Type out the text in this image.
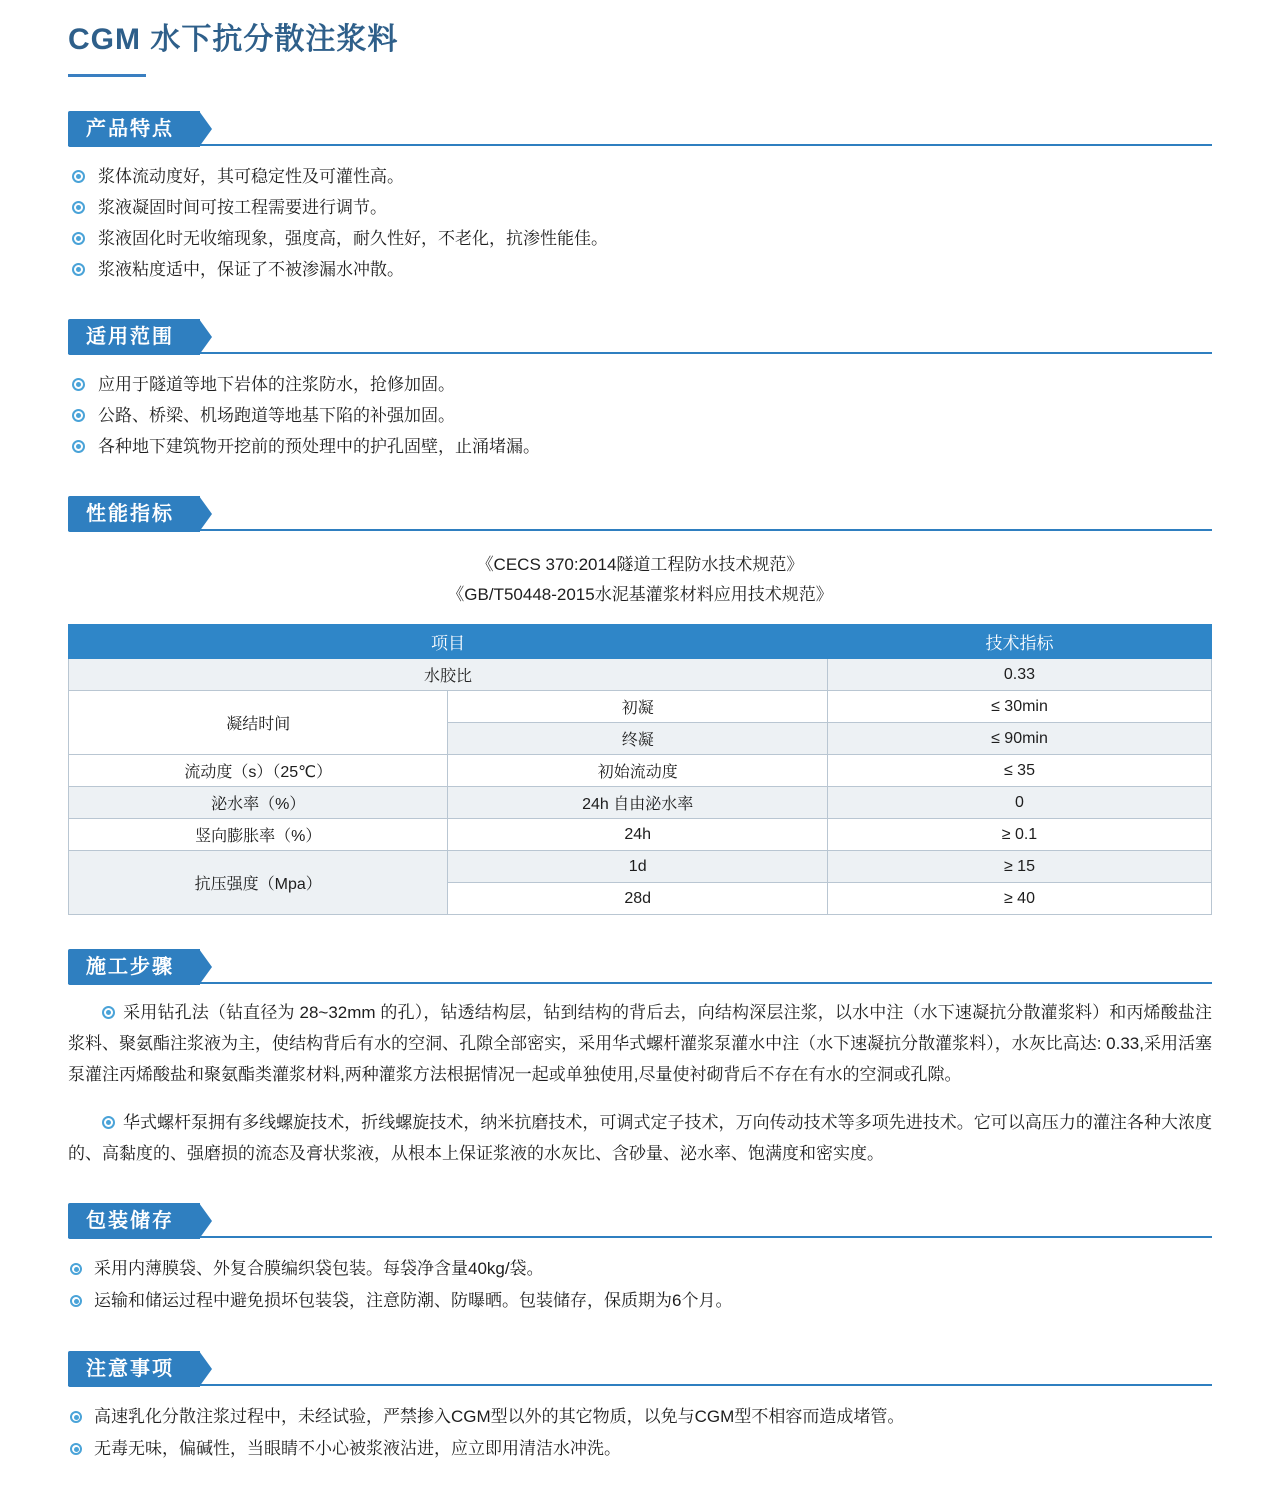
CGM 水下抗分散注浆料
产品特点
浆体流动度好，其可稳定性及可灌性高。
浆液凝固时间可按工程需要进行调节。
浆液固化时无收缩现象，强度高，耐久性好，不老化，抗渗性能佳。
浆液粘度适中，保证了不被渗漏水冲散。
适用范围
应用于隧道等地下岩体的注浆防水，抢修加固。
公路、桥梁、机场跑道等地基下陷的补强加固。
各种地下建筑物开挖前的预处理中的护孔固壁，止涌堵漏。
性能指标
《CECS 370:2014隧道工程防水技术规范》
《GB/T50448-2015水泥基灌浆材料应用技术规范》
项目		技术指标
水胶比		0.33
凝结时间	初凝	≤ 30min
	终凝	≤ 90min
流动度（s）（25℃）	初始流动度	≤ 35
泌水率（%）	24h 自由泌水率	0
竖向膨胀率（%）	24h	≥ 0.1
抗压强度（Mpa）	1d	≥ 15
	28d	≥ 40
施工步骤

采用钻孔法（钻直径为 28~32mm 的孔），钻透结构层，钻到结构的背后去，向结构深层注浆，以水中注（水下速凝抗分散灌浆料）和丙烯酸盐注浆料、聚氨酯注浆液为主，使结构背后有水的空洞、孔隙全部密实，采用华式螺杆灌浆泵灌水中注（水下速凝抗分散灌浆料），水灰比高达: 0.33,采用活塞泵灌注丙烯酸盐和聚氨酯类灌浆材料,两种灌浆方法根据情况一起或单独使用,尽量使衬砌背后不存在有水的空洞或孔隙。

华式螺杆泵拥有多线螺旋技术，折线螺旋技术，纳米抗磨技术，可调式定子技术，万向传动技术等多项先进技术。它可以高压力的灌注各种大浓度的、高黏度的、强磨损的流态及膏状浆液，从根本上保证浆液的水灰比、含砂量、泌水率、饱满度和密实度。

包装储存
采用内薄膜袋、外复合膜编织袋包装。每袋净含量40kg/袋。
运输和储运过程中避免损坏包装袋，注意防潮、防曝晒。包装储存，保质期为6个月。
注意事项
高速乳化分散注浆过程中，未经试验，严禁掺入CGM型以外的其它物质，以免与CGM型不相容而造成堵管。
无毒无味，偏碱性，当眼睛不小心被浆液沾进，应立即用清洁水冲洗。
